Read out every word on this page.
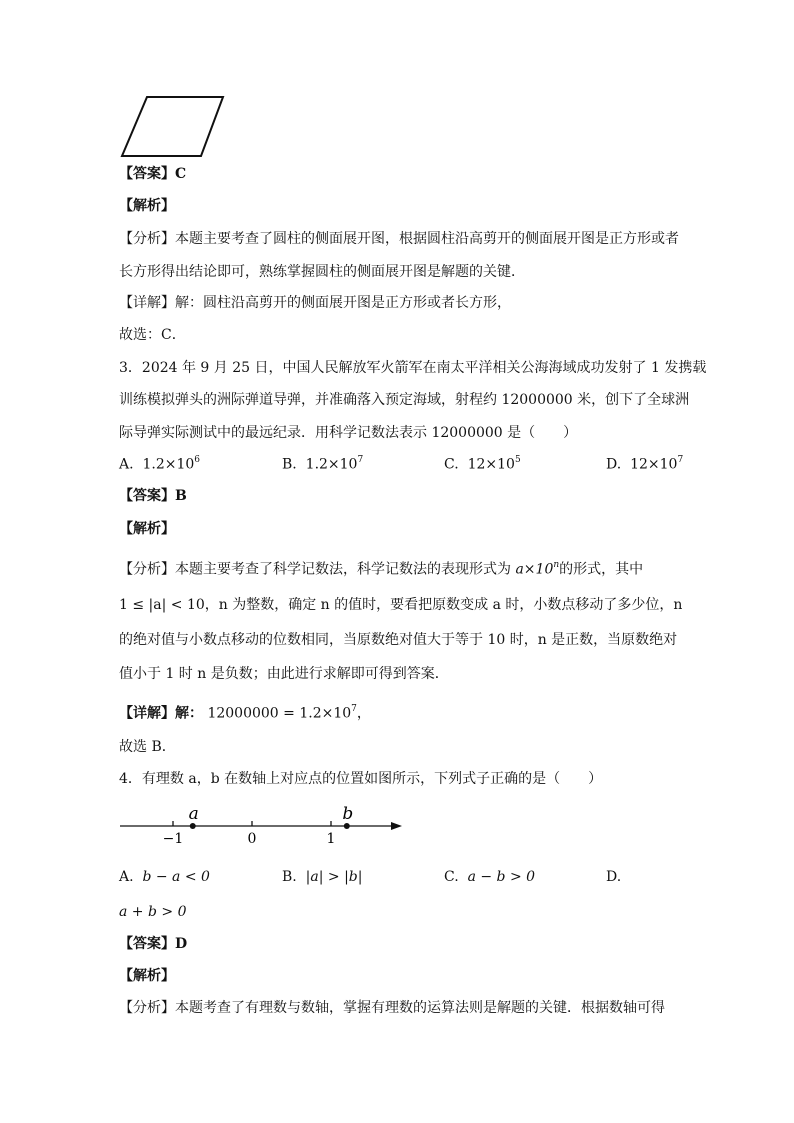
【答案】C
【解析】
【分析】本题主要考查了圆柱的侧面展开图，根据圆柱沿高剪开的侧面展开图是正方形或者
长方形得出结论即可，熟练掌握圆柱的侧面展开图是解题的关键．
【详解】解：圆柱沿高剪开的侧面展开图是正方形或者长方形，
故选：C．
3．2024 年 9 月 25 日，中国人民解放军火箭军在南太平洋相关公海海域成功发射了 1 发携载
训练模拟弹头的洲际弹道导弹，并准确落入预定海域，射程约 12000000 米，创下了全球洲
际导弹实际测试中的最远纪录．用科学记数法表示 12000000 是（　　）
A. $1.2\times 10^6$	B. $1.2\times 10^7$	C. $12\times 10^5$	D. $12\times 10^7$
【答案】B
【解析】
【分析】本题主要考查了科学记数法，科学记数法的表现形式为 $a\times 10^n$的形式，其中
1 ≤ |a| < 10，n 为整数，确定 n 的值时，要看把原数变成 a 时，小数点移动了多少位，n
的绝对值与小数点移动的位数相同，当原数绝对值大于等于 10 时，n 是正数，当原数绝对
值小于 1 时 n 是负数；由此进行求解即可得到答案．
【详解】解： $12000000 = 1.2\times 10^7$，
故选 B．
4．有理数 a，b 在数轴上对应点的位置如图所示，下列式子正确的是（　　）
−1	0	1
a	b
A. b − a < 0	B. |a| > |b|	C. a − b > 0	D.
a + b > 0
【答案】D
【解析】
【分析】本题考查了有理数与数轴，掌握有理数的运算法则是解题的关键．根据数轴可得
